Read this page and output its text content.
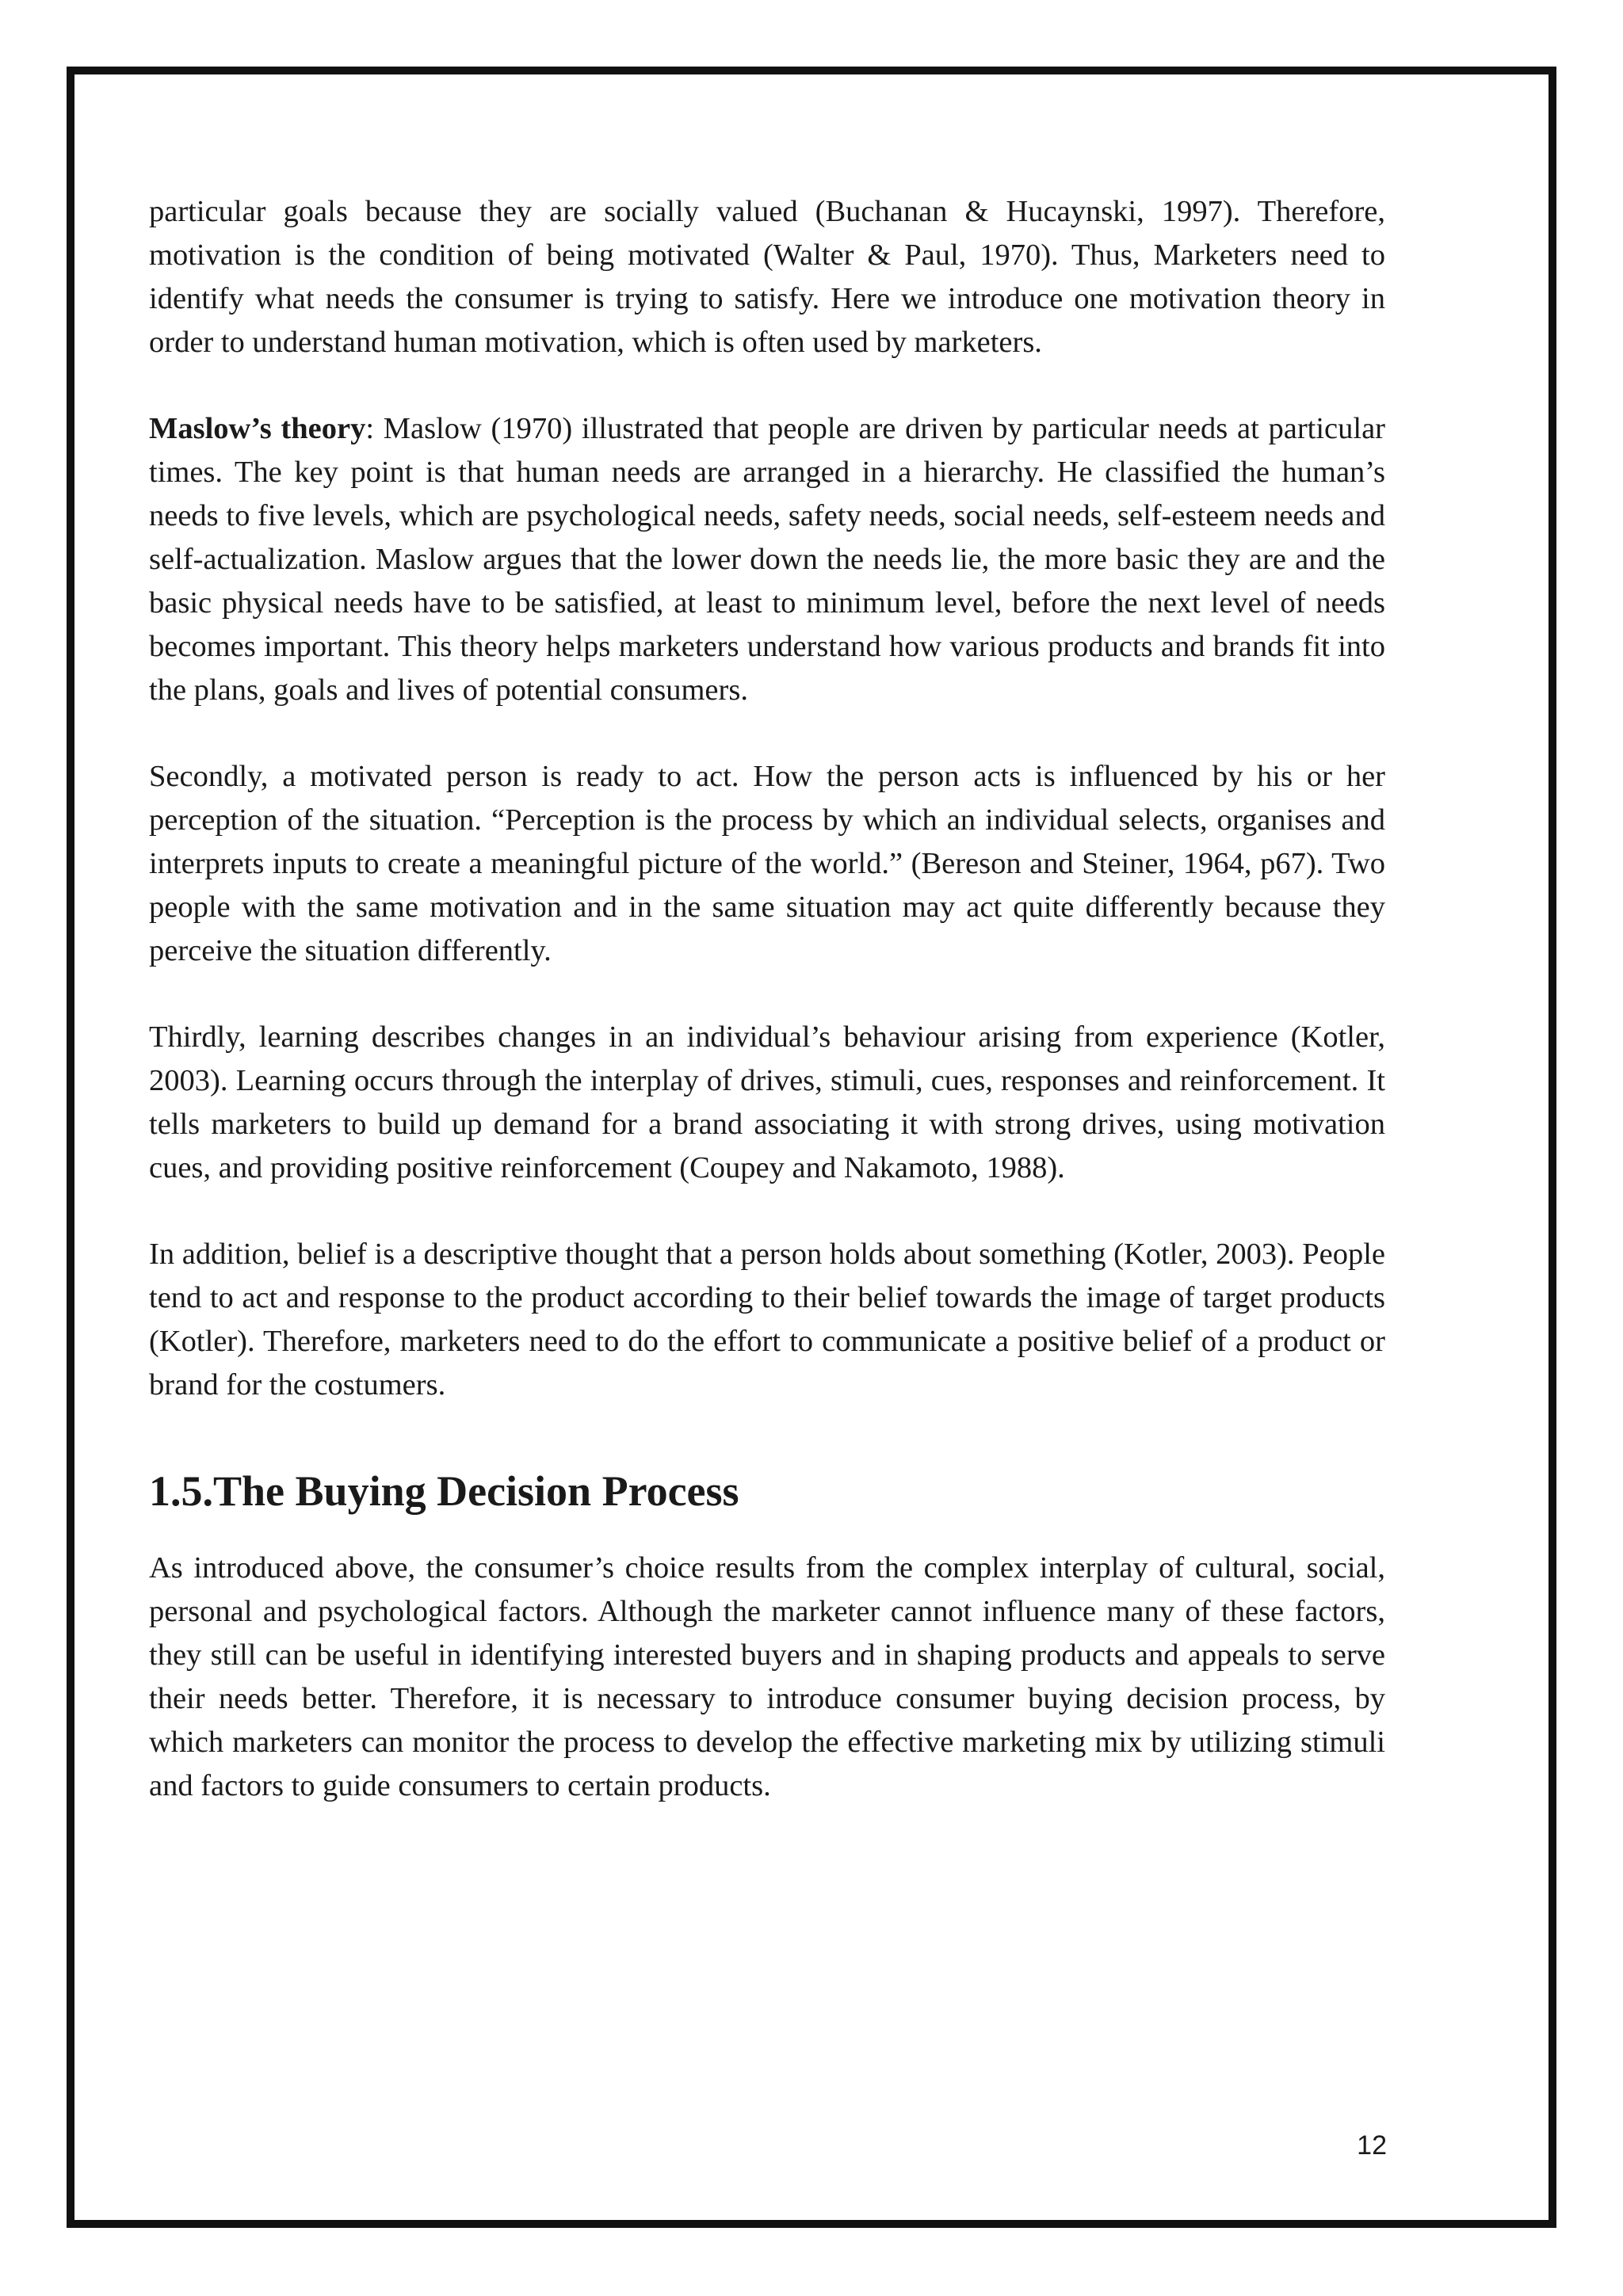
particular goals because they are socially valued (Buchanan & Hucaynski, 1997). Therefore, motivation is the condition of being motivated (Walter & Paul, 1970). Thus, Marketers need to identify what needs the consumer is trying to satisfy. Here we introduce one motivation theory in order to understand human motivation, which is often used by marketers.

Maslow’s theory: Maslow (1970) illustrated that people are driven by particular needs at particular times. The key point is that human needs are arranged in a hierarchy. He classified the human’s needs to five levels, which are psychological needs, safety needs, social needs, self-esteem needs and self-actualization. Maslow argues that the lower down the needs lie, the more basic they are and the basic physical needs have to be satisfied, at least to minimum level, before the next level of needs becomes important. This theory helps marketers understand how various products and brands fit into the plans, goals and lives of potential consumers.

Secondly, a motivated person is ready to act. How the person acts is influenced by his or her perception of the situation. “Perception is the process by which an individual selects, organises and interprets inputs to create a meaningful picture of the world.” (Bereson and Steiner, 1964, p67). Two people with the same motivation and in the same situation may act quite differently because they perceive the situation differently.

Thirdly, learning describes changes in an individual’s behaviour arising from experience (Kotler, 2003). Learning occurs through the interplay of drives, stimuli, cues, responses and reinforcement. It tells marketers to build up demand for a brand associating it with strong drives, using motivation cues, and providing positive reinforcement (Coupey and Nakamoto, 1988).

In addition, belief is a descriptive thought that a person holds about something (Kotler, 2003). People tend to act and response to the product according to their belief towards the image of target products (Kotler). Therefore, marketers need to do the effort to communicate a positive belief of a product or brand for the costumers.

1.5.The Buying Decision Process

As introduced above, the consumer’s choice results from the complex interplay of cultural, social, personal and psychological factors. Although the marketer cannot influence many of these factors, they still can be useful in identifying interested buyers and in shaping products and appeals to serve their needs better. Therefore, it is necessary to introduce consumer buying decision process, by which marketers can monitor the process to develop the effective marketing mix by utilizing stimuli and factors to guide consumers to certain products.

12
